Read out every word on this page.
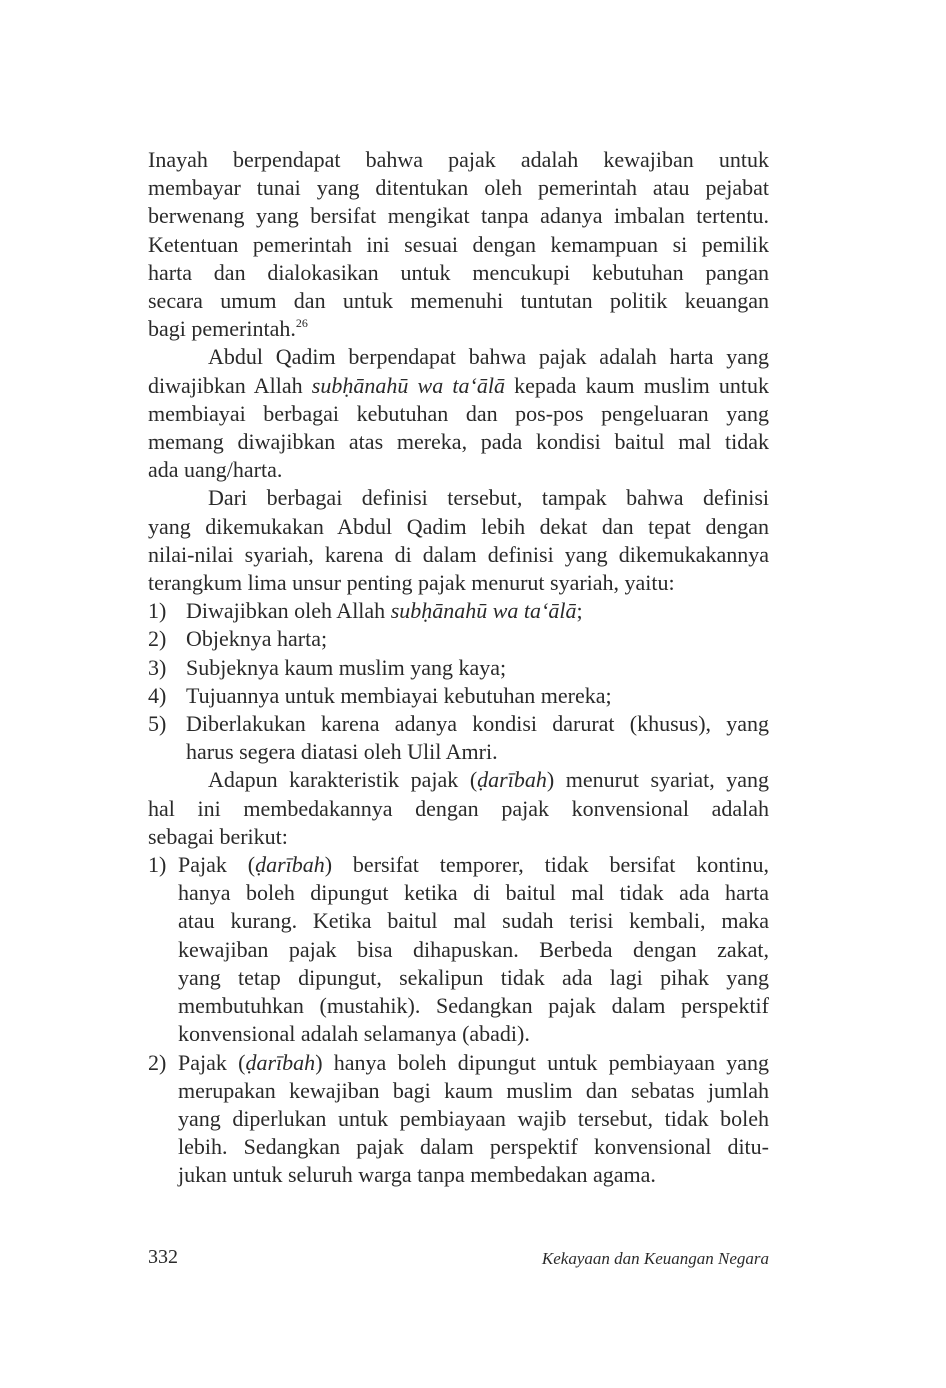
Inayah berpendapat bahwa pajak adalah kewajiban untuk
membayar tunai yang ditentukan oleh pemerintah atau pejabat
berwenang yang bersifat mengikat tanpa adanya imbalan tertentu.
Ketentuan pemerintah ini sesuai dengan kemampuan si pemilik
harta dan dialokasikan untuk mencukupi kebutuhan pangan
secara umum dan untuk memenuhi tuntutan politik keuangan
bagi pemerintah.$^{26}$
Abdul Qadim berpendapat bahwa pajak adalah harta yang
diwajibkan Allah subḥānahū wa ta‘ālā kepada kaum muslim untuk
membiayai berbagai kebutuhan dan pos-pos pengeluaran yang
memang diwajibkan atas mereka, pada kondisi baitul mal tidak
ada uang/harta.
Dari berbagai definisi tersebut, tampak bahwa definisi
yang dikemukakan Abdul Qadim lebih dekat dan tepat dengan
nilai-nilai syariah, karena di dalam definisi yang dikemukakannya
terangkum lima unsur penting pajak menurut syariah, yaitu:
1) Diwajibkan oleh Allah subḥānahū wa ta‘ālā;
2) Objeknya harta;
3) Subjeknya kaum muslim yang kaya;
4) Tujuannya untuk membiayai kebutuhan mereka;
5) Diberlakukan karena adanya kondisi darurat (khusus), yang
harus segera diatasi oleh Ulil Amri.
Adapun karakteristik pajak (ḍarībah) menurut syariat, yang
hal ini membedakannya dengan pajak konvensional adalah
sebagai berikut:
1) Pajak (ḍarībah) bersifat temporer, tidak bersifat kontinu,
hanya boleh dipungut ketika di baitul mal tidak ada harta
atau kurang. Ketika baitul mal sudah terisi kembali, maka
kewajiban pajak bisa dihapuskan. Berbeda dengan zakat,
yang tetap dipungut, sekalipun tidak ada lagi pihak yang
membutuhkan (mustahik). Sedangkan pajak dalam perspektif
konvensional adalah selamanya (abadi).
2) Pajak (ḍarībah) hanya boleh dipungut untuk pembiayaan yang
merupakan kewajiban bagi kaum muslim dan sebatas jumlah
yang diperlukan untuk pembiayaan wajib tersebut, tidak boleh
lebih. Sedangkan pajak dalam perspektif konvensional ditu-
jukan untuk seluruh warga tanpa membedakan agama.
332	Kekayaan dan Keuangan Negara
